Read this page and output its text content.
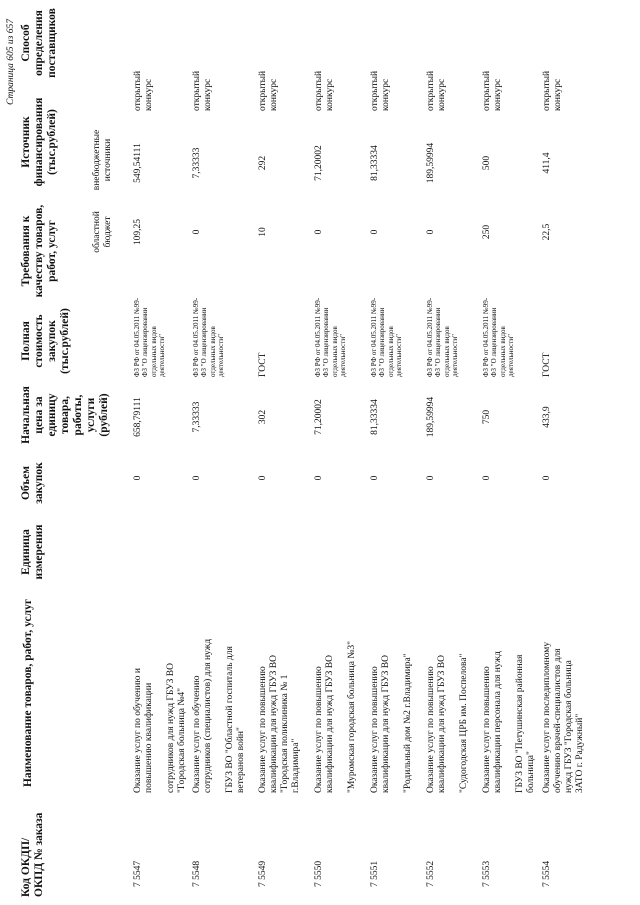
Код ОКДП/ ОКПД № заказа
Наименование товаров, работ, услуг
Единица измерения
Объем закупок
Начальная цена за единицу товара, работы, услуги (рублей)
Полная стоимость закупок (тыс.рублей)
Требования к качеству товаров, работ, услуг
Источник финансирования (тыс.рублей)
Способ определения поставщиков
7 5547
Оказание услуг по обучению и повышению квалификации
сотрудников для нужд ГБУЗ ВО "Городская больница №4"
0
658,79111
ФЗ РФ от 04.05.2011 №99- ФЗ "О лицензировании отдельных видов деятельности"
109,25
549,54111
открытый конкурс
7 5548
Оказание услуг по обучению сотрудников (специалистов) для нужд
ГБУЗ ВО "Областной госпиталь для ветеранов войн"
0
7,33333
ФЗ РФ от 04.05.2011 №99- ФЗ "О лицензировании отдельных видов деятельности"
0
7,33333
открытый конкурс
7 5549
Оказание услуг по повышению квалификации для нужд ГБУЗ ВО "Городская поликлиника № 1 г.Владимира"
0
302
ГОСТ
10
292
открытый конкурс
7 5550
Оказание услуг по повышению квалификации для нужд ГБУЗ ВО
"Муромская городская больница №3"
0
71,20002
ФЗ РФ от 04.05.2011 №99- ФЗ "О лицензировании отдельных видов деятельности"
0
71,20002
открытый конкурс
7 5551
Оказание услуг по повышению квалификации для нужд ГБУЗ ВО
"Родильный дом №2 г.Владимира"
0
81,33334
ФЗ РФ от 04.05.2011 №99- ФЗ "О лицензировании отдельных видов деятельности"
0
81,33334
открытый конкурс
7 5552
Оказание услуг по повышению квалификации для нужд ГБУЗ ВО
"Судогодская ЦРБ им. Поспелова"
0
189,59994
ФЗ РФ от 04.05.2011 №99- ФЗ "О лицензировании отдельных видов деятельности"
0
189,59994
открытый конкурс
7 5553
Оказание услуг по повышению квалификации персонала для нужд
ГБУЗ ВО "Петушинская районная больница"
0
750
ФЗ РФ от 04.05.2011 №99- ФЗ "О лицензировании отдельных видов деятельности"
250
500
открытый конкурс
7 5554
Оказание услуг по последипломному обучению врачей-специалистов для нужд ГБУЗ "Городская больница ЗАТО г. Радужный"
0
433,9
ГОСТ
22,5
411,4
открытый конкурс
Страница 605 из 657
областной бюджет
внебюджетные источники
